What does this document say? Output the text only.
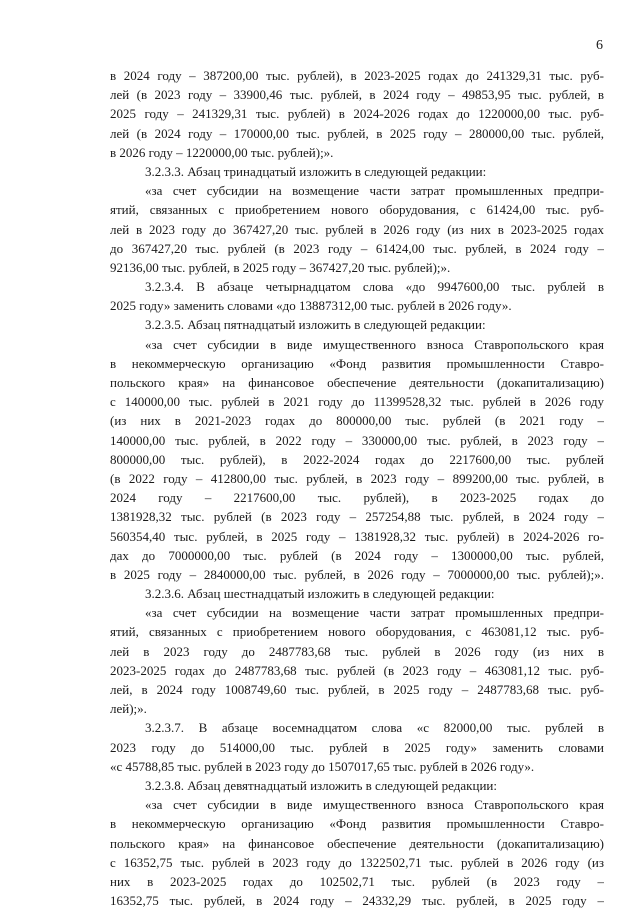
6
в 2024 году – 387200,00 тыс. рублей), в 2023-2025 годах до 241329,31 тыс. руб-
лей (в 2023 году – 33900,46 тыс. рублей, в 2024 году – 49853,95 тыс. рублей, в
2025 году – 241329,31 тыс. рублей) в 2024-2026 годах до 1220000,00 тыс. руб-
лей (в 2024 году – 170000,00 тыс. рублей, в 2025 году – 280000,00 тыс. рублей,
в 2026 году – 1220000,00 тыс. рублей);».
3.2.3.3. Абзац тринадцатый изложить в следующей редакции:
«за счет субсидии на возмещение части затрат промышленных предпри-
ятий, связанных с приобретением нового оборудования, с 61424,00 тыс. руб-
лей в 2023 году до 367427,20 тыс. рублей в 2026 году (из них в 2023-2025 годах
до 367427,20 тыс. рублей (в 2023 году – 61424,00 тыс. рублей, в 2024 году –
92136,00 тыс. рублей, в 2025 году – 367427,20 тыс. рублей);».
3.2.3.4. В абзаце четырнадцатом слова «до 9947600,00 тыс. рублей в
2025 году» заменить словами «до 13887312,00 тыс. рублей в 2026 году».
3.2.3.5. Абзац пятнадцатый изложить в следующей редакции:
«за счет субсидии в виде имущественного взноса Ставропольского края
в некоммерческую организацию «Фонд развития промышленности Ставро-
польского края» на финансовое обеспечение деятельности (докапитализацию)
с 140000,00 тыс. рублей в 2021 году до 11399528,32 тыс. рублей в 2026 году
(из них в 2021-2023 годах до 800000,00 тыс. рублей (в 2021 году –
140000,00 тыс. рублей, в 2022 году – 330000,00 тыс. рублей, в 2023 году –
800000,00 тыс. рублей), в 2022-2024 годах до 2217600,00 тыс. рублей
(в 2022 году – 412800,00 тыс. рублей, в 2023 году – 899200,00 тыс. рублей, в
2024 году – 2217600,00 тыс. рублей), в 2023-2025 годах до
1381928,32 тыс. рублей (в 2023 году – 257254,88 тыс. рублей, в 2024 году –
560354,40 тыс. рублей, в 2025 году – 1381928,32 тыс. рублей) в 2024-2026 го-
дах до 7000000,00 тыс. рублей (в 2024 году – 1300000,00 тыс. рублей,
в 2025 году – 2840000,00 тыс. рублей, в 2026 году – 7000000,00 тыс. рублей);».
3.2.3.6. Абзац шестнадцатый изложить в следующей редакции:
«за счет субсидии на возмещение части затрат промышленных предпри-
ятий, связанных с приобретением нового оборудования, с 463081,12 тыс. руб-
лей в 2023 году до 2487783,68 тыс. рублей в 2026 году (из них в
2023-2025 годах до 2487783,68 тыс. рублей (в 2023 году – 463081,12 тыс. руб-
лей, в 2024 году 1008749,60 тыс. рублей, в 2025 году – 2487783,68 тыс. руб-
лей);».
3.2.3.7. В абзаце восемнадцатом слова «с 82000,00 тыс. рублей в
2023 году до 514000,00 тыс. рублей в 2025 году» заменить словами
«с 45788,85 тыс. рублей в 2023 году до 1507017,65 тыс. рублей в 2026 году».
3.2.3.8. Абзац девятнадцатый изложить в следующей редакции:
«за счет субсидии в виде имущественного взноса Ставропольского края
в некоммерческую организацию «Фонд развития промышленности Ставро-
польского края» на финансовое обеспечение деятельности (докапитализацию)
с 16352,75 тыс. рублей в 2023 году до 1322502,71 тыс. рублей в 2026 году (из
них в 2023-2025 годах до 102502,71 тыс. рублей (в 2023 году –
16352,75 тыс. рублей, в 2024 году – 24332,29 тыс. рублей, в 2025 году –
